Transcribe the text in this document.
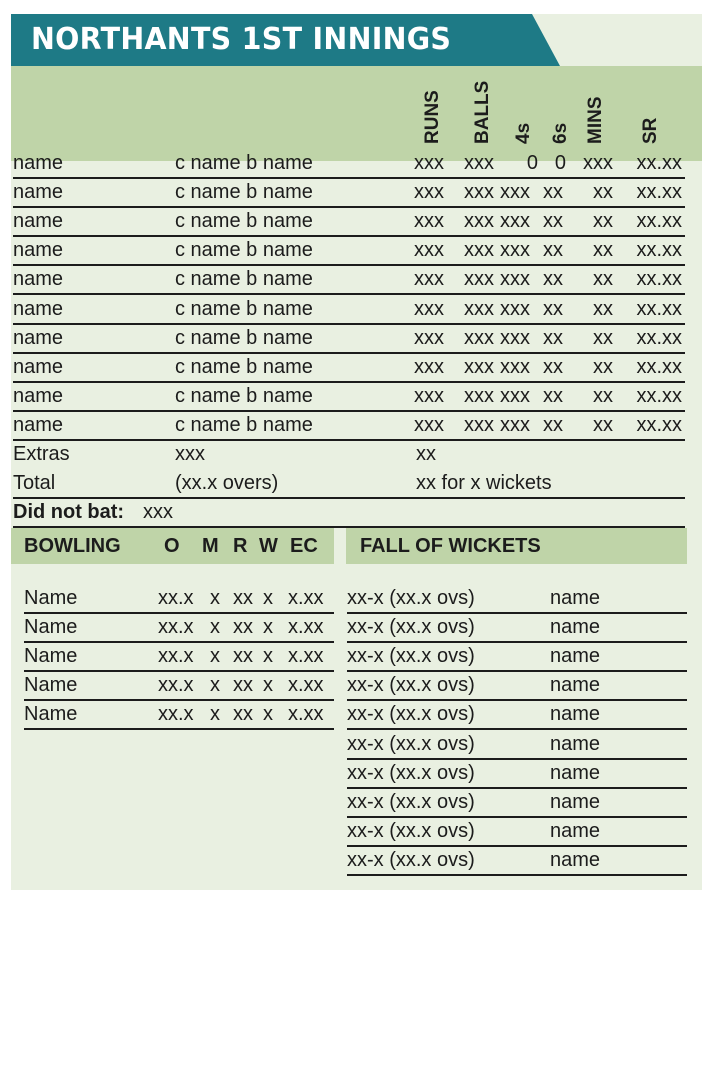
NORTHANTS 1ST INNINGS
RUNS BALLS 4s 6s MINS SR
name	c name b name	xxx xxx 0 0 xxx xx.xx
name	c name b name	xxx xxx xxx xx xx xx.xx
name	c name b name	xxx xxx xxx xx xx xx.xx
name	c name b name	xxx xxx xxx xx xx xx.xx
name	c name b name	xxx xxx xxx xx xx xx.xx
name	c name b name	xxx xxx xxx xx xx xx.xx
name	c name b name	xxx xxx xxx xx xx xx.xx
name	c name b name	xxx xxx xxx xx xx xx.xx
name	c name b name	xxx xxx xxx xx xx xx.xx
name	c name b name	xxx xxx xxx xx xx xx.xx
Extras	xxx	xx
Total	(xx.x overs)	xx for x wickets
Did not bat: xxx
BOWLING O M R W EC
Name	xx.x x xx x x.xx
Name	xx.x x xx x x.xx
Name	xx.x x xx x x.xx
Name	xx.x x xx x x.xx
Name	xx.x x xx x x.xx
FALL OF WICKETS
xx-x (xx.x ovs)	name
xx-x (xx.x ovs)	name
xx-x (xx.x ovs)	name
xx-x (xx.x ovs)	name
xx-x (xx.x ovs)	name
xx-x (xx.x ovs)	name
xx-x (xx.x ovs)	name
xx-x (xx.x ovs)	name
xx-x (xx.x ovs)	name
xx-x (xx.x ovs)	name
